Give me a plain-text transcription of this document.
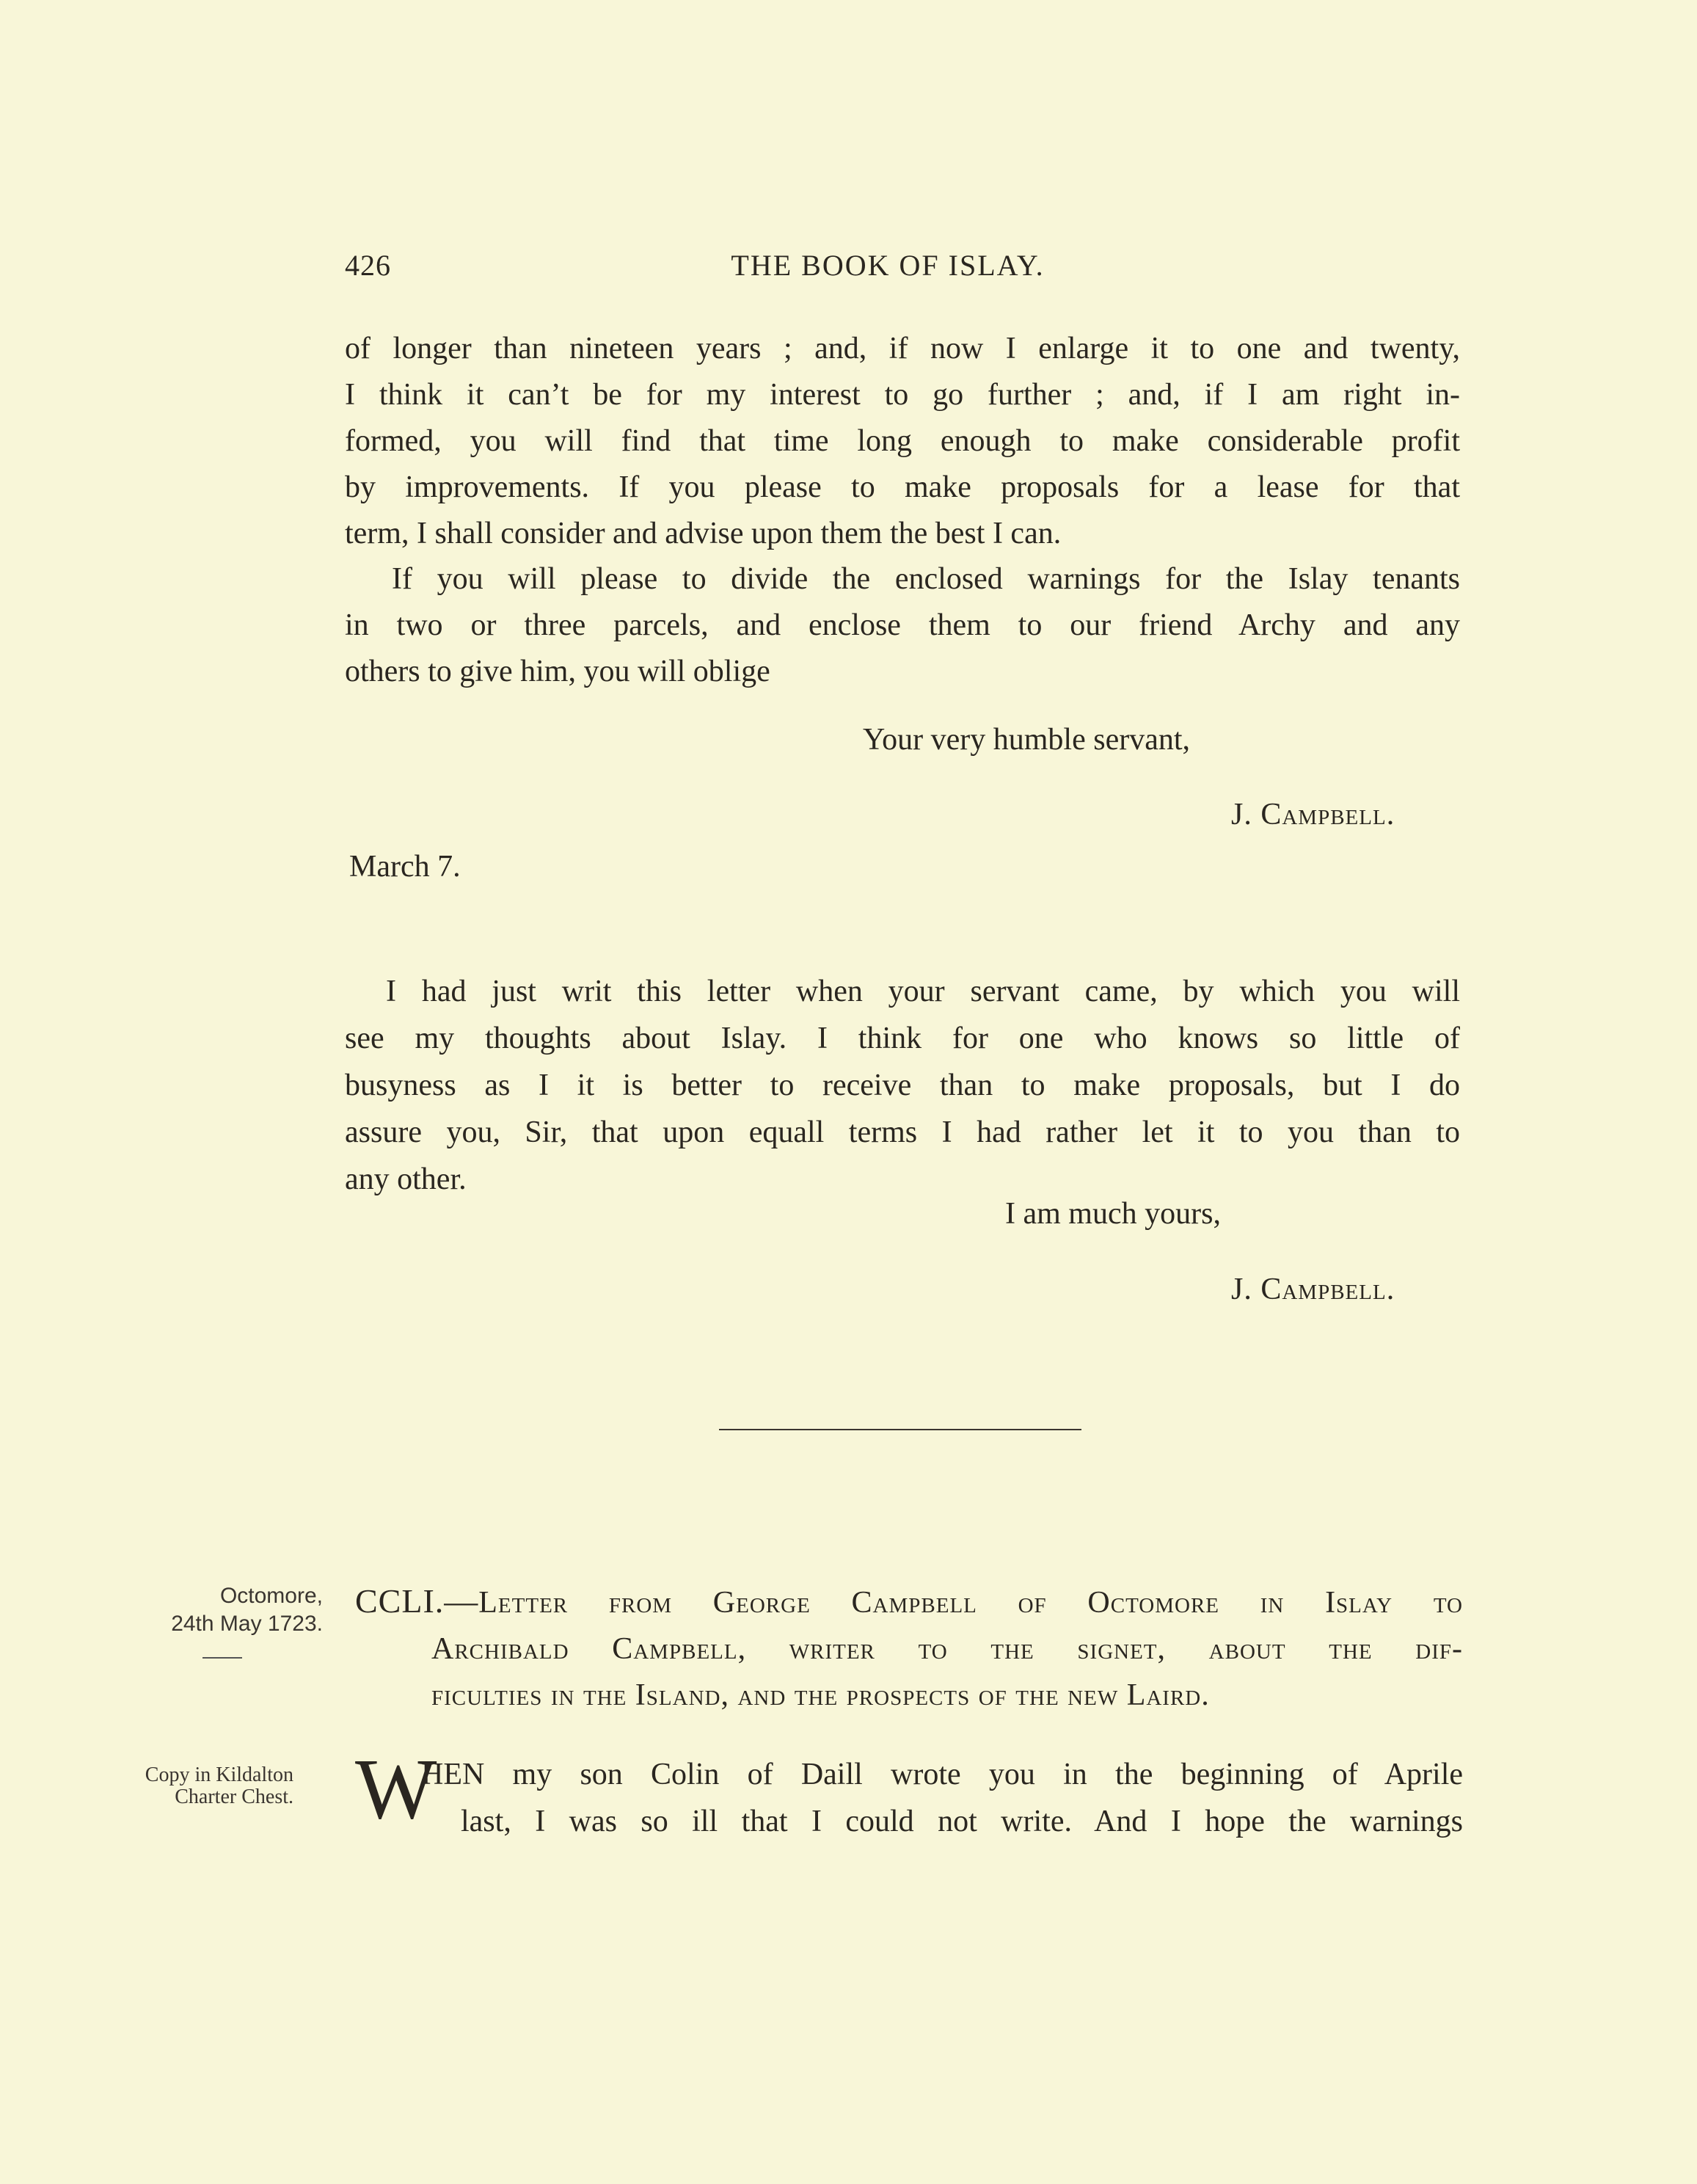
426	THE BOOK OF ISLAY.
of longer than nineteen years ; and, if now I enlarge it to one and twenty,
I think it can’t be for my interest to go further ; and, if I am right in-
formed, you will find that time long enough to make considerable profit
by improvements. If you please to make proposals for a lease for that
term, I shall consider and advise upon them the best I can.
If you will please to divide the enclosed warnings for the Islay tenants
in two or three parcels, and enclose them to our friend Archy and any
others to give him, you will oblige
Your very humble servant,
J. Campbell.
March 7.
I had just writ this letter when your servant came, by which you will
see my thoughts about Islay. I think for one who knows so little of
busyness as I it is better to receive than to make proposals, but I do
assure you, Sir, that upon equall terms I had rather let it to you than to
any other.
I am much yours,
J. Campbell.
Octomore,
24th May 1723.
Copy in Kildalton
Charter Chest.
CCLI.—Letter from George Campbell of Octomore in Islay to
Archibald Campbell, writer to the signet, about the dif-
ficulties in the Island, and the prospects of the new Laird.
W
HEN my son Colin of Daill wrote you in the beginning of Aprile
last, I was so ill that I could not write. And I hope the warnings
